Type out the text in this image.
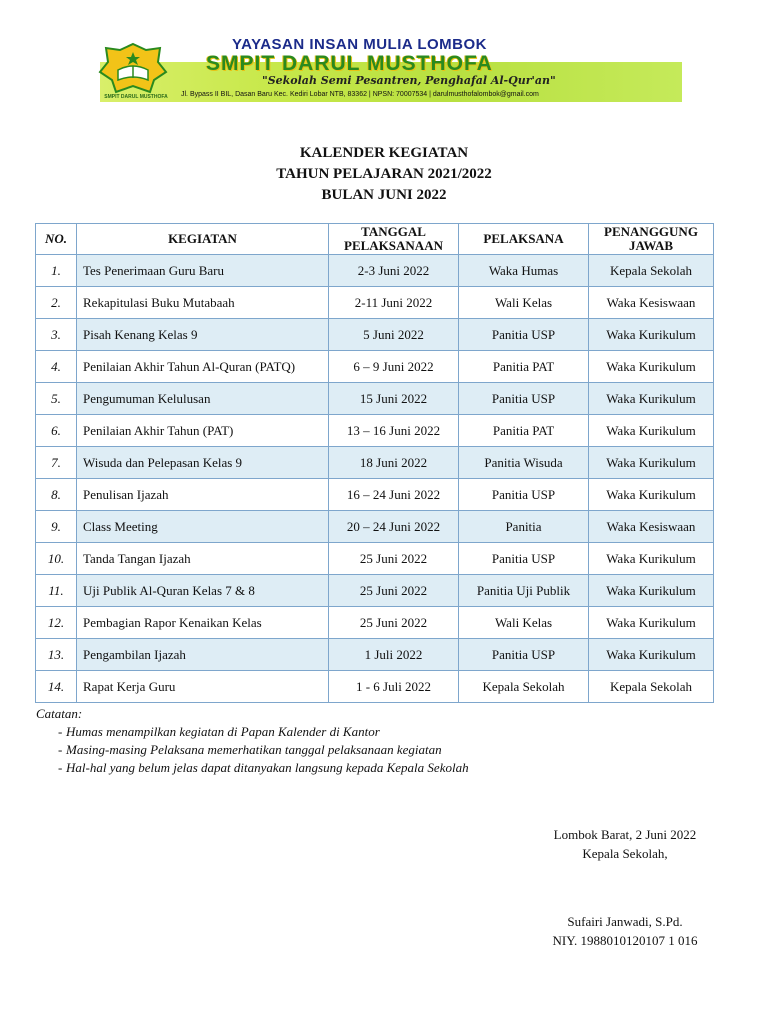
SMPIT DARUL MUSTHOFA
YAYASAN INSAN MULIA LOMBOK
SMPIT DARUL MUSTHOFA
"Sekolah Semi Pesantren, Penghafal Al-Qur'an"
Jl. Bypass II BIL, Dasan Baru Kec. Kediri Lobar NTB, 83362 | NPSN: 70007534 | darulmusthofalombok@gmail.com
KALENDER KEGIATAN
TAHUN PELAJARAN 2021/2022
BULAN JUNI 2022
NO.	KEGIATAN	TANGGAL PELAKSANAAN	PELAKSANA	PENANGGUNG JAWAB
1.	Tes Penerimaan Guru Baru	2-3 Juni 2022	Waka Humas	Kepala Sekolah
2.	Rekapitulasi Buku Mutabaah	2-11 Juni 2022	Wali Kelas	Waka Kesiswaan
3.	Pisah Kenang Kelas 9	5 Juni 2022	Panitia USP	Waka Kurikulum
4.	Penilaian Akhir Tahun Al-Quran (PATQ)	6 – 9 Juni 2022	Panitia PAT	Waka Kurikulum
5.	Pengumuman Kelulusan	15 Juni 2022	Panitia USP	Waka Kurikulum
6.	Penilaian Akhir Tahun (PAT)	13 – 16 Juni 2022	Panitia PAT	Waka Kurikulum
7.	Wisuda dan Pelepasan Kelas 9	18 Juni 2022	Panitia Wisuda	Waka Kurikulum
8.	Penulisan Ijazah	16 – 24 Juni 2022	Panitia USP	Waka Kurikulum
9.	Class Meeting	20 – 24 Juni 2022	Panitia	Waka Kesiswaan
10.	Tanda Tangan Ijazah	25 Juni 2022	Panitia USP	Waka Kurikulum
11.	Uji Publik Al-Quran Kelas 7 & 8	25 Juni 2022	Panitia Uji Publik	Waka Kurikulum
12.	Pembagian Rapor Kenaikan Kelas	25 Juni 2022	Wali Kelas	Waka Kurikulum
13.	Pengambilan Ijazah	1 Juli 2022	Panitia USP	Waka Kurikulum
14.	Rapat Kerja Guru	1 - 6 Juli 2022	Kepala Sekolah	Kepala Sekolah
Catatan:
- Humas menampilkan kegiatan di Papan Kalender di Kantor
- Masing-masing Pelaksana memerhatikan tanggal pelaksanaan kegiatan
- Hal-hal yang belum jelas dapat ditanyakan langsung kepada Kepala Sekolah
Lombok Barat, 2 Juni 2022
Kepala Sekolah,
Sufairi Janwadi, S.Pd.
NIY. 1988010120107 1 016
